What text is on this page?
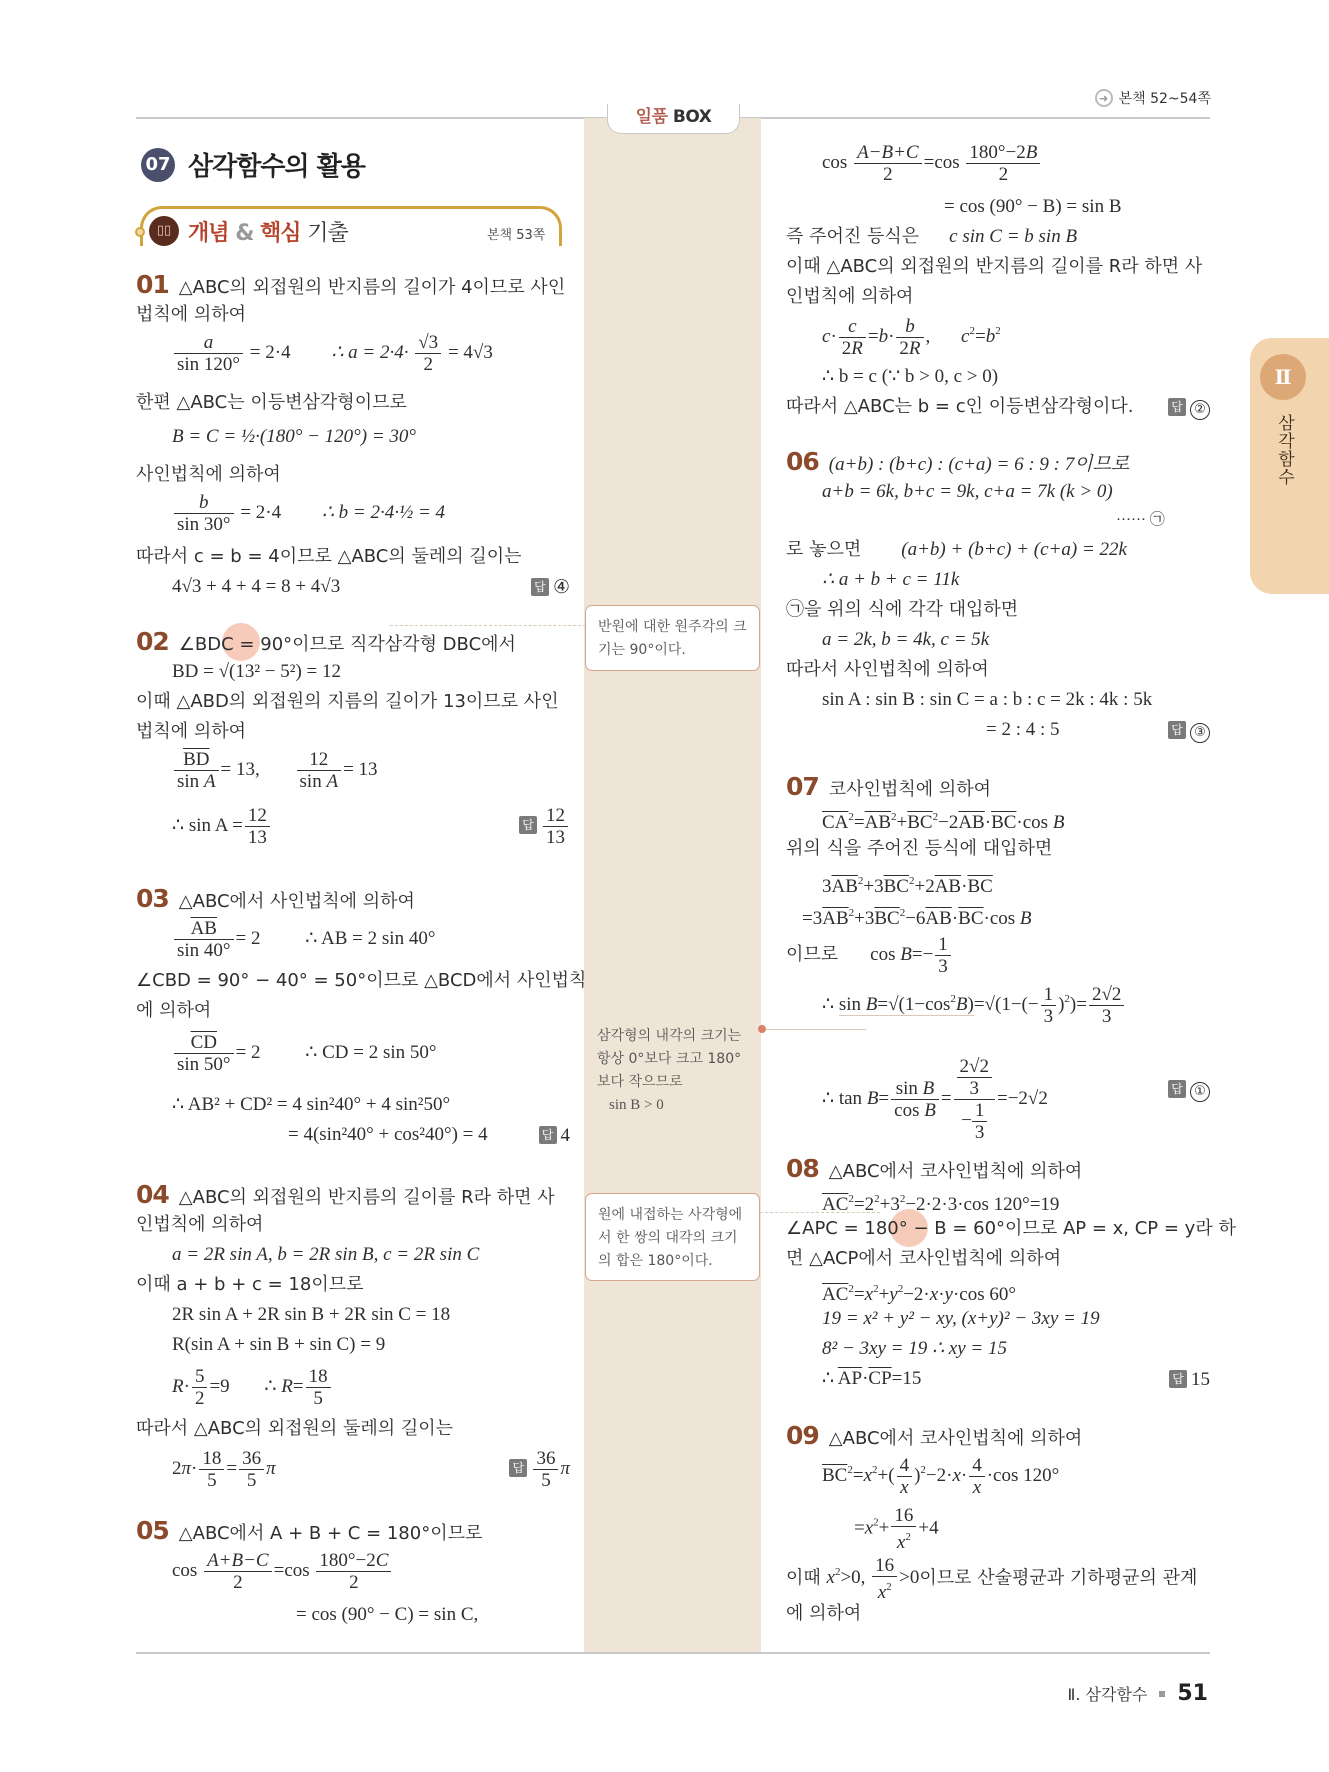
➜ 본책 52~54쪽
일품 BOX
반원에 대한 원주각의 크기는 90°이다.
삼각형의 내각의 크기는 항상 0°보다 크고 180°보다 작으므로
sin B > 0
원에 내접하는 사각형에서 한 쌍의 대각의 크기의 합은 180°이다.
07 삼각함수의 활용
▯▯ 개념 & 핵심 기출	본책 53쪽
01 △ABC의 외접원의 반지름의 길이가 4이므로 사인
법칙에 의하여
$\frac{a}{\sin 120^\circ} = 2\cdot 4$ ∴ $a = 2\cdot 4\cdot \frac{√3}{2} = 4√3$
한편 △ABC는 이등변삼각형이므로
B = C = ½·(180° − 120°) = 30°
사인법칙에 의하여
$\frac{b}{\sin 30^\circ} = 2\cdot 4$ ∴ b = 2·4·½ = 4
따라서 c = b = 4이므로 △ABC의 둘레의 길이는
4√3 + 4 + 4 = 8 + 4√3	답 ④
02 ∠BDC = 90°이므로 직각삼각형 DBC에서
BD = √(13² − 5²) = 12
이때 △ABD의 외접원의 지름의 길이가 13이므로 사인
법칙에 의하여
$\frac{\overline{BD}}{\text{sin A}} = 13$, $\frac{12}{\text{sin A}} = 13$
∴ $\sin A = \frac{12}{13}$	답 $\frac{12}{13}$
03 △ABC에서 사인법칙에 의하여
$\frac{\overline{AB}}{\sin 40^\circ} = 2$ ∴ AB = 2 sin 40°
∠CBD = 90° − 40° = 50°이므로 △BCD에서 사인법칙
에 의하여
$\frac{\overline{CD}}{\sin 50^\circ} = 2$ ∴ CD = 2 sin 50°
∴ AB² + CD² = 4 sin²40° + 4 sin²50°
= 4(sin²40° + cos²40°) = 4	답 4
04 △ABC의 외접원의 반지름의 길이를 R라 하면 사
인법칙에 의하여
a = 2R sin A, b = 2R sin B, c = 2R sin C
이때 a + b + c = 18이므로
2R sin A + 2R sin B + 2R sin C = 18
R(sin A + sin B + sin C) = 9
$R\cdot \frac{5}{2} =9$ ∴ $R= \frac{18}{5}$
따라서 △ABC의 외접원의 둘레의 길이는
$2\pi\cdot \frac{18}{5} = \frac{36}{5}$ π	답 $\frac{36}{5}$ π
05 △ABC에서 A + B + C = 180°이므로
$\cos \frac{A+B-C}{2} =\cos \frac{180^\circ-2C}{2}$
= cos (90° − C) = sin C,
$\cos \frac{A-B+C}{2} =\cos \frac{180^\circ-2B}{2}$
= cos (90° − B) = sin B
즉 주어진 등식은 c sin C = b sin B
이때 △ABC의 외접원의 반지름의 길이를 R라 하면 사
인법칙에 의하여
$c\cdot \frac{c}{2R} =b\cdot \frac{b}{2R}$ , $c^2=b^2$
∴ b = c (∵ b > 0, c > 0)
따라서 △ABC는 b = c인 이등변삼각형이다.	답 ②
06 (a+b) : (b+c) : (c+a) = 6 : 9 : 7이므로
a+b = 6k, b+c = 9k, c+a = 7k (k > 0)
······ ㉠
로 놓으면 (a+b) + (b+c) + (c+a) = 22k
∴ a + b + c = 11k
㉠을 위의 식에 각각 대입하면
a = 2k, b = 4k, c = 5k
따라서 사인법칙에 의하여
sin A : sin B : sin C = a : b : c = 2k : 4k : 5k
= 2 : 4 : 5	답 ③
07 코사인법칙에 의하여
$\overline{CA}^2=\overline{AB}^2+\overline{BC}^2-2\overline{AB}\cdot\overline{BC}\cdot\cos$ B
위의 식을 주어진 등식에 대입하면
$3\overline{AB}^2+3\overline{BC}^2+2\overline{AB}\cdot\overline{BC}$
$=3\overline{AB}^2+3\overline{BC}^2-6\overline{AB}\cdot\overline{BC}\cdot\cos$ B
이므로 $\cos B=- \frac{1}{3}$
∴ $\sin B=√(1-\cos^2B)=√(1-(- \frac{1}{3} )^2)= \frac{2√2}{3}$
∴ $\tan B= \frac{\text{sin B}}{\text{cos B}} = \frac{\frac{2√2}{3}}{- \frac{1}{3}} =-2√2$	답 ①
08 △ABC에서 코사인법칙에 의하여
$\overline{AC}^2=2^2+3^2-2\cdot 2\cdot 3\cdot\cos$ 120°=19
∠APC = 180° − B = 60°이므로 AP = x, CP = y라 하
면 △ACP에서 코사인법칙에 의하여
$\overline{AC}^2=x^2+y^2-2\cdot x\cdot y\cdot\cos$ 60°
19 = x² + y² − xy, (x+y)² − 3xy = 19
8² − 3xy = 19 ∴ xy = 15
∴ $\overline{AP}\cdot\overline{CP}=15$	답 15
09 △ABC에서 코사인법칙에 의하여
$\overline{BC}^2=x^2+( \frac{4}{x} )^2-2\cdot x\cdot \frac{4}{x} \cdot\cos$ 120°
$=x^2+ \frac{16}{x^2} +4$
이때 $x^2>0$, $\frac{16}{x^2} >0$이므로 산술평균과 기하평균의 관계
에 의하여
Ⅱ
삼각함수
Ⅱ. 삼각함수 51
